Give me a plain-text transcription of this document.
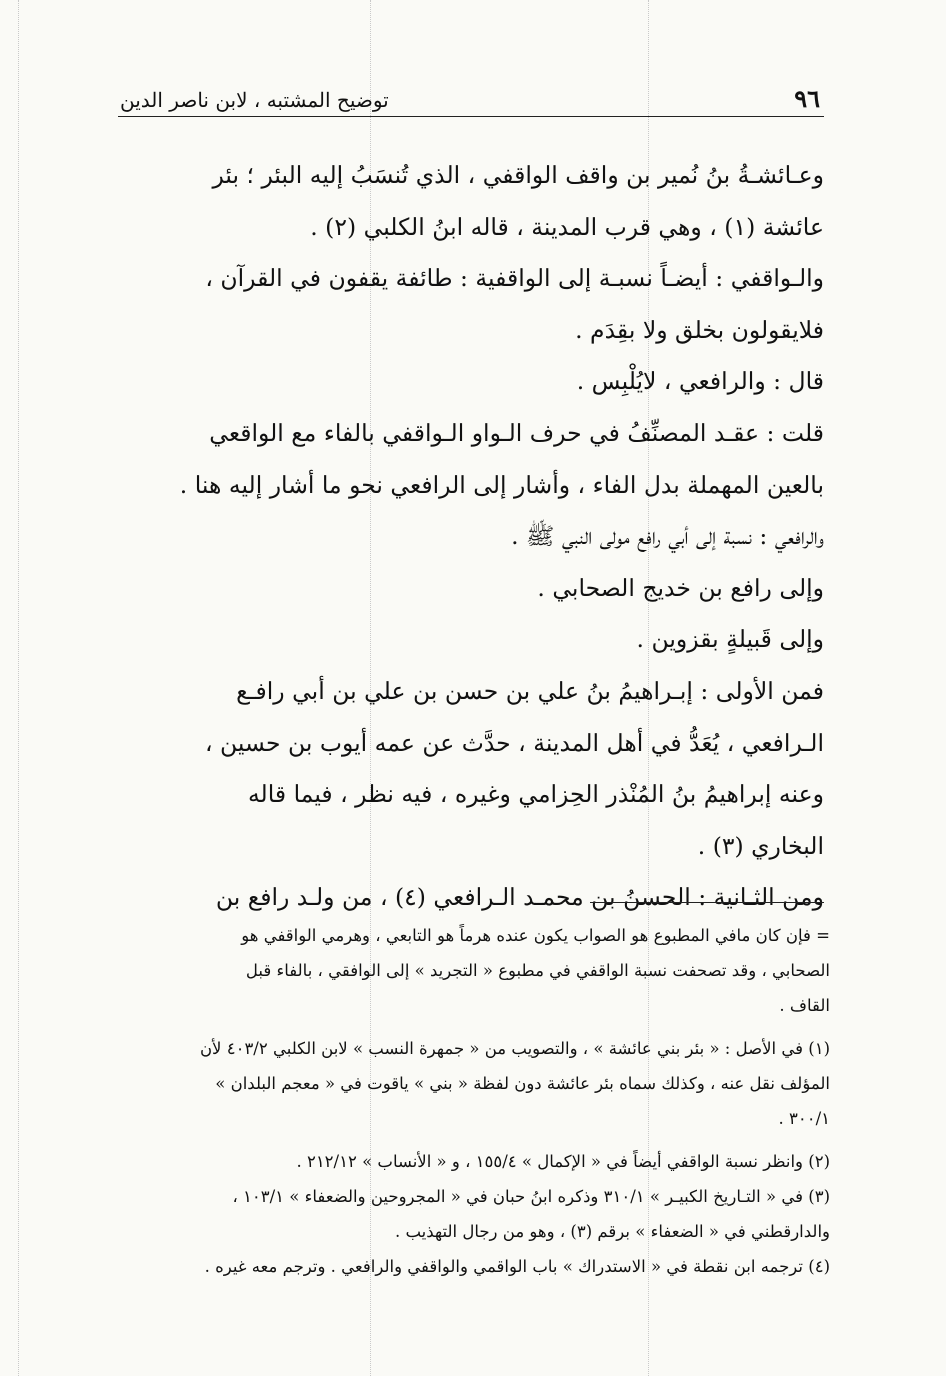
٩٦
توضيح المشتبه ، لابن ناصر الدين
وعـائشـةُ بنُ نُمير بن واقف الواقفي ، الذي تُنسَبُ إليه البئر ؛ بئر
عائشة (١) ، وهي قرب المدينة ، قاله ابنُ الكلبي (٢) .
والـواقفي : أيضـاً نسبـة إلى الواقفية : طائفة يقفون في القرآن ،
فلايقولون بخلق ولا بقِدَم .
قال : والرافعي ، لايُلْبِس .
قلت : عقـد المصنِّفُ في حرف الـواو الـواقفي بالفاء مع الواقعي
بالعين المهملة بدل الفاء ، وأشار إلى الرافعي نحو ما أشار إليه هنا .
والرافعي : نسبة إلى أبي رافع مولى النبي ﷺ .
وإلى رافع بن خديج الصحابي .
وإلى قَبيلةٍ بقزوين .
فمن الأولى : إبـراهيمُ بنُ علي بن حسن بن علي بن أبي رافـع
الـرافعي ، يُعَدُّ في أهل المدينة ، حدَّث عن عمه أيوب بن حسين ،
وعنه إبراهيمُ بنُ المُنْذر الحِزامي وغيره ، فيه نظر ، فيما قاله
البخاري (٣) .
ومن الثـانية : الحسنُ بن محمـد الـرافعي (٤) ، من ولـد رافع بن
= فإن كان مافي المطبوع هو الصواب يكون عنده هرماً هو التابعي ، وهرمي الواقفي هو
الصحابي ، وقد تصحفت نسبة الواقفي في مطبوع « التجريد » إلى الوافقي ، بالفاء قبل
القاف .
(١) في الأصل : « بئر بني عائشة » ، والتصويب من « جمهرة النسب » لابن الكلبي ٤٠٣/٢ لأن
المؤلف نقل عنه ، وكذلك سماه بئر عائشة دون لفظة « بني » ياقوت في « معجم البلدان »
٣٠٠/١ .
(٢) وانظر نسبة الواقفي أيضاً في « الإكمال » ١٥٥/٤ ، و « الأنساب » ٢١٢/١٢ .
(٣) في « التـاريخ الكبيـر » ٣١٠/١ وذكره ابنُ حبان في « المجروحين والضعفاء » ١٠٣/١ ،
والدارقطني في « الضعفاء » برقم (٣) ، وهو من رجال التهذيب .
(٤) ترجمه ابن نقطة في « الاستدراك » باب الواقمي والواقفي والرافعي . وترجم معه غيره .
